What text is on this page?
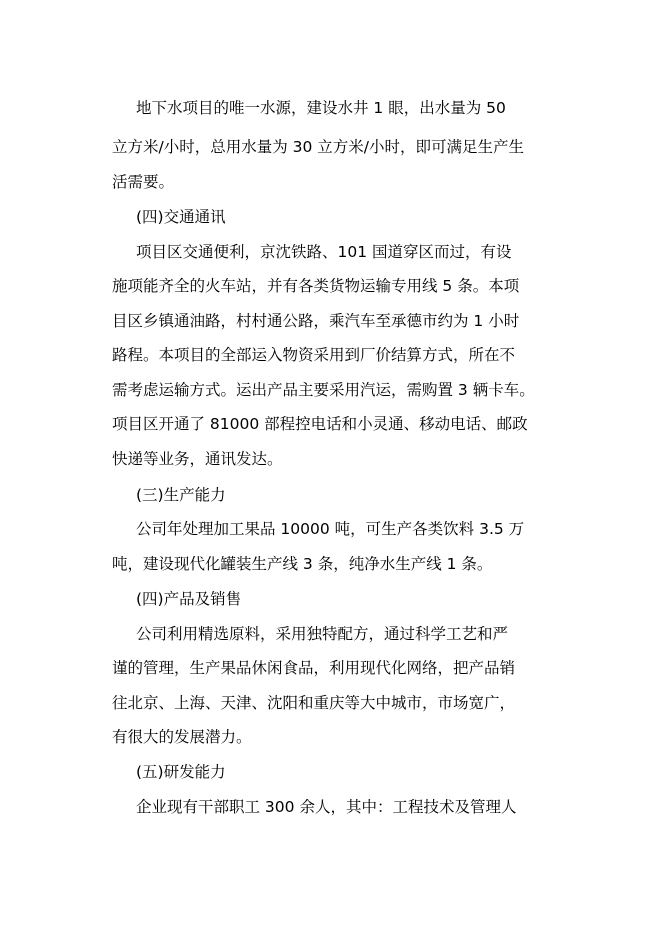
地下水项目的唯一水源，建设水井 1 眼，出水量为 50
立方米/小时，总用水量为 30 立方米/小时，即可满足生产生
活需要。
(四)交通通讯
项目区交通便利，京沈铁路、101 国道穿区而过，有设
施项能齐全的火车站，并有各类货物运输专用线 5 条。本项
目区乡镇通油路，村村通公路，乘汽车至承德市约为 1 小时
路程。本项目的全部运入物资采用到厂价结算方式，所在不
需考虑运输方式。运出产品主要采用汽运，需购置 3 辆卡车。
项目区开通了 81000 部程控电话和小灵通、移动电话、邮政
快递等业务，通讯发达。
(三)生产能力
公司年处理加工果品 10000 吨，可生产各类饮料 3.5 万
吨，建设现代化罐装生产线 3 条，纯净水生产线 1 条。
(四)产品及销售
公司利用精选原料，采用独特配方，通过科学工艺和严
谨的管理，生产果品休闲食品，利用现代化网络，把产品销
往北京、上海、天津、沈阳和重庆等大中城市，市场宽广，
有很大的发展潜力。
(五)研发能力
企业现有干部职工 300 余人，其中：工程技术及管理人
